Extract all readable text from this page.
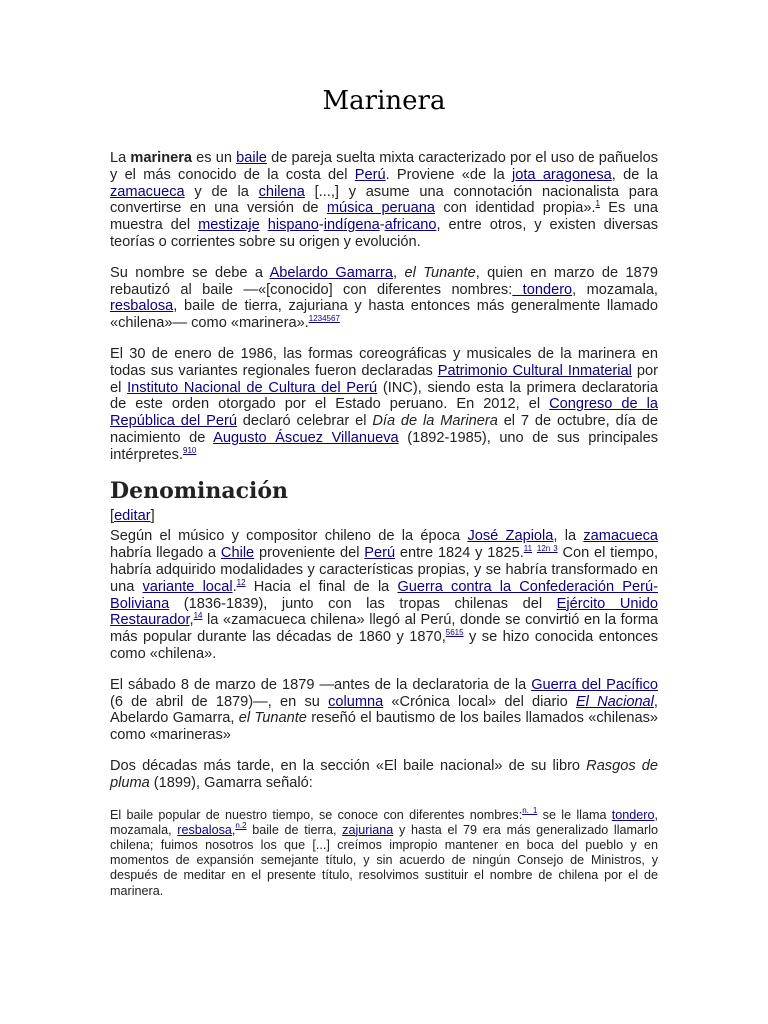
Marinera

La marinera es un baile de pareja suelta mixta caracterizado por el uso de pañuelos y el más conocido de la costa del Perú. Proviene «de la jota aragonesa, de la zamacueca y de la chilena [...,] y asume una connotación nacionalista para convertirse en una versión de música peruana con identidad propia».$^1$ Es una muestra del mestizaje hispano-indígena-africano, entre otros, y existen diversas teorías o corrientes sobre su origen y evolución.

Su nombre se debe a Abelardo Gamarra, el Tunante, quien en marzo de 1879 rebautizó al baile —«[conocido] con diferentes nombres: tondero, mozamala, resbalosa, baile de tierra, zajuriana y hasta entonces más generalmente llamado «chilena»— como «marinera».$^{1234567}$

El 30 de enero de 1986, las formas coreográficas y musicales de la marinera en todas sus variantes regionales fueron declaradas Patrimonio Cultural Inmaterial por el Instituto Nacional de Cultura del Perú (INC), siendo esta la primera declaratoria de este orden otorgado por el Estado peruano. En 2012, el Congreso de la República del Perú declaró celebrar el Día de la Marinera el 7 de octubre, día de nacimiento de Augusto Áscuez Villanueva (1892-1985), uno de sus principales intérpretes.$^{910}$

Denominación
[editar]

Según el músico y compositor chileno de la época José Zapiola, la zamacueca habría llegado a Chile proveniente del Perú entre 1824 y 1825.11 $^{12n 3}$ Con el tiempo, habría adquirido modalidades y características propias, y se habría transformado en una variante local.$^{12}$ Hacia el final de la Guerra contra la Confederación Perú-Boliviana (1836-1839), junto con las tropas chilenas del Ejército Unido Restaurador,$^{14}$ la «zamacueca chilena» llegó al Perú, donde se convirtió en la forma más popular durante las décadas de 1860 y 1870,$^{5615}$ y se hizo conocida entonces como «chilena».

El sábado 8 de marzo de 1879 —antes de la declaratoria de la Guerra del Pacífico (6 de abril de 1879)—, en su columna «Crónica local» del diario El Nacional, Abelardo Gamarra, el Tunante reseñó el bautismo de los bailes llamados «chilenas» como «marineras»

Dos décadas más tarde, en la sección «El baile nacional» de su libro Rasgos de pluma (1899), Gamarra señaló:

El baile popular de nuestro tiempo, se conoce con diferentes nombres:$^{n. 1}$ se le llama tondero, mozamala, resbalosa,$^{n.2}$ baile de tierra, zajuriana y hasta el 79 era más generalizado llamarlo chilena; fuimos nosotros los que [...] creímos impropio mantener en boca del pueblo y en momentos de expansión semejante título, y sin acuerdo de ningún Consejo de Ministros, y después de meditar en el presente título, resolvimos sustituir el nombre de chilena por el de marinera.
